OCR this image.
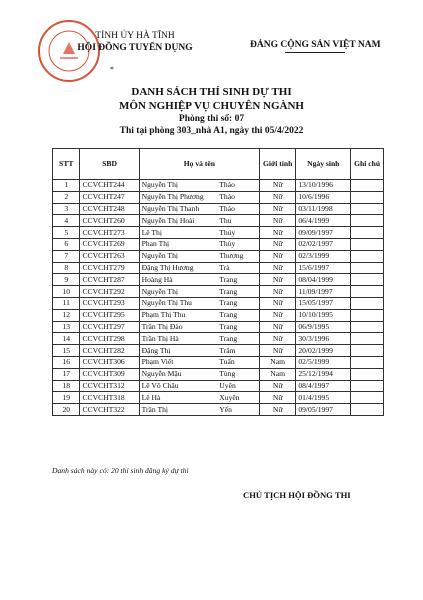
TỈNH ỦY HÀ TĨNH
HỘI ĐỒNG TUYỂN DỤNG
*
ĐẢNG CỘNG SẢN VIỆT NAM
DANH SÁCH THÍ SINH DỰ THI
MÔN NGHIỆP VỤ CHUYÊN NGÀNH
Phòng thi số: 07
Thi tại phòng 303_nhà A1, ngày thi 05/4/2022
STT	SBD	Họ và tên		Giới tính	Ngày sinh	Ghi chú
1	CCVCHT244	Nguyễn Thị	Thảo	Nữ	13/10/1996	
2	CCVCHT247	Nguyễn Thị Phương	Thảo	Nữ	10/6/1996	
3	CCVCHT248	Nguyễn Thị Thanh	Thảo	Nữ	03/11/1998	
4	CCVCHT260	Nguyễn Thị Hoài	Thu	Nữ	06/4/1999	
5	CCVCHT273	Lê Thị	Thúy	Nữ	09/09/1997	
6	CCVCHT269	Phan Thị	Thùy	Nữ	02/02/1997	
7	CCVCHT263	Nguyễn Thị	Thương	Nữ	02/3/1999	
8	CCVCHT279	Đặng Thị Hương	Trà	Nữ	15/6/1997	
9	CCVCHT287	Hoàng Hà	Trang	Nữ	08/04/1999	
10	CCVCHT292	Nguyễn Thị	Trang	Nữ	11/09/1997	
11	CCVCHT293	Nguyễn Thị Thu	Trang	Nữ	15/05/1997	
12	CCVCHT295	Phạm Thị Thu	Trang	Nữ	10/10/1995	
13	CCVCHT297	Trần Thị Đào	Trang	Nữ	06/9/1995	
14	CCVCHT298	Trần Thị Hà	Trang	Nữ	30/3/1996	
15	CCVCHT282	Đặng Thị	Trâm	Nữ	20/02/1999	
16	CCVCHT306	Phạm Viết	Tuấn	Nam	02/5/1999	
17	CCVCHT309	Nguyễn Mậu	Tùng	Nam	25/12/1994	
18	CCVCHT312	Lê Võ Châu	Uyên	Nữ	08/4/1997	
19	CCVCHT318	Lê Hà	Xuyên	Nữ	01/4/1995	
20	CCVCHT322	Trần Thị	Yến	Nữ	09/05/1997	
Danh sách này có: 20 thí sinh đăng ký dự thi
CHỦ TỊCH HỘI ĐỒNG THI
